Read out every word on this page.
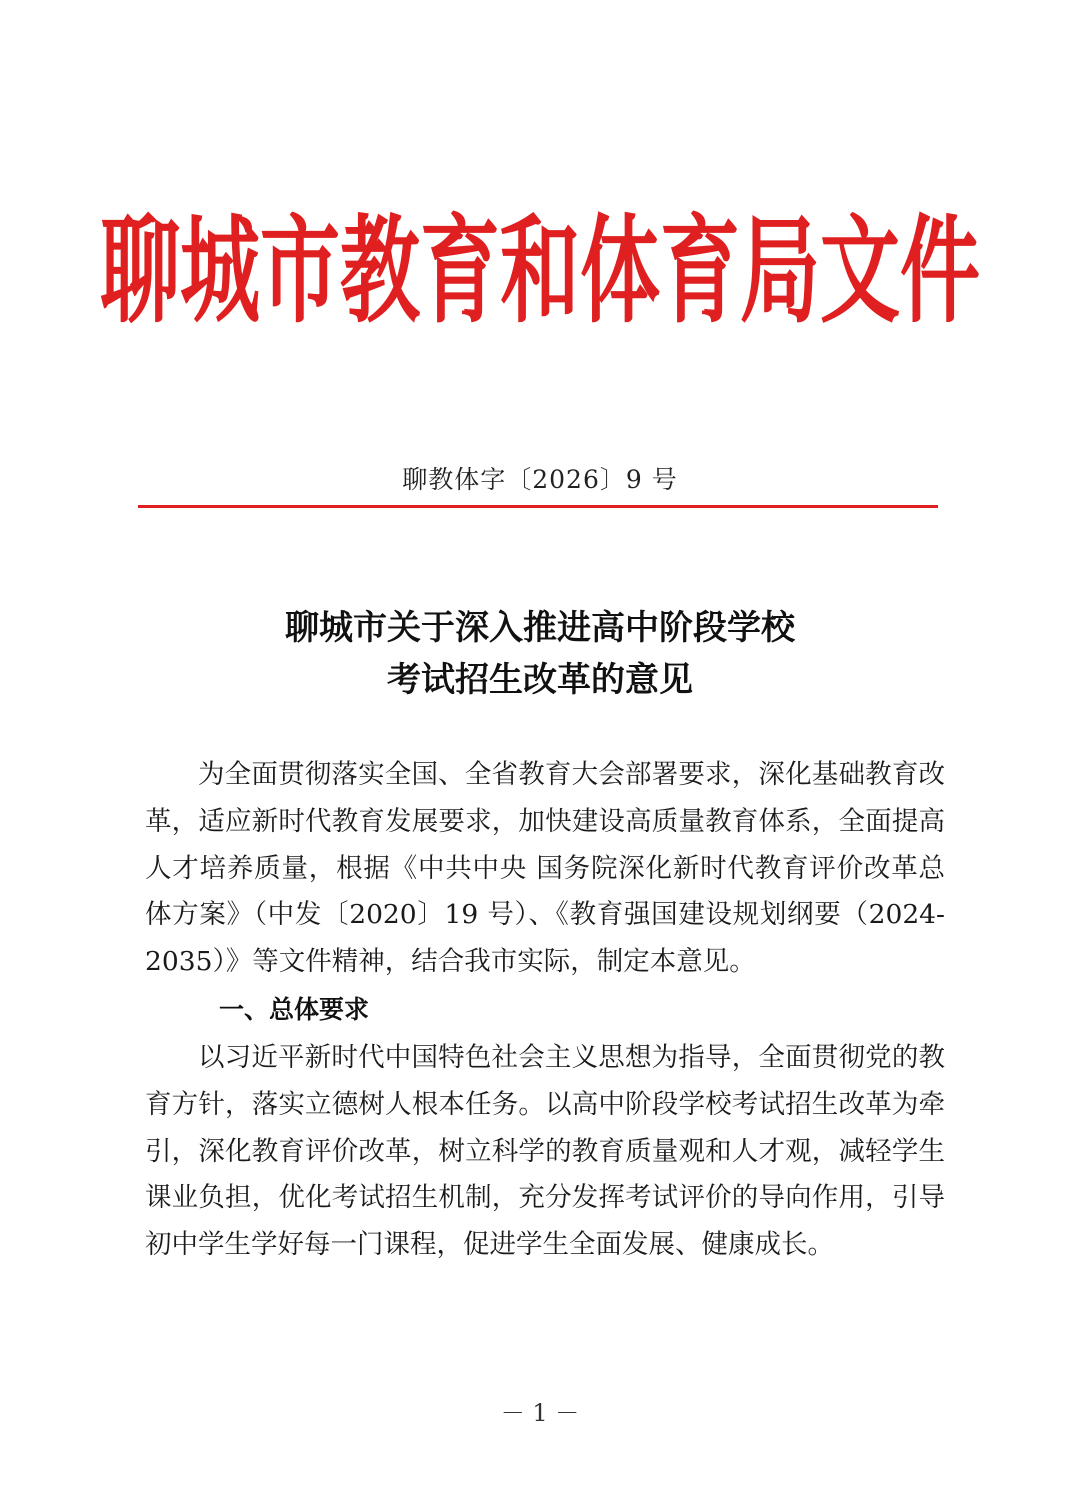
聊城市教育和体育局文件
聊教体字〔2026〕9 号
聊城市关于深入推进高中阶段学校
考试招生改革的意见

为全面贯彻落实全国、全省教育大会部署要求，深化基础教育改革，适应新时代教育发展要求，加快建设高质量教育体系，全面提高人才培养质量，根据《中共中央 国务院深化新时代教育评价改革总体方案》（中发〔2020〕19 号）、《教育强国建设规划纲要（2024-2035）》等文件精神，结合我市实际，制定本意见。

一、总体要求

以习近平新时代中国特色社会主义思想为指导，全面贯彻党的教育方针，落实立德树人根本任务。以高中阶段学校考试招生改革为牵引，深化教育评价改革，树立科学的教育质量观和人才观，减轻学生课业负担，优化考试招生机制，充分发挥考试评价的导向作用，引导初中学生学好每一门课程，促进学生全面发展、健康成长。

－ 1 －
